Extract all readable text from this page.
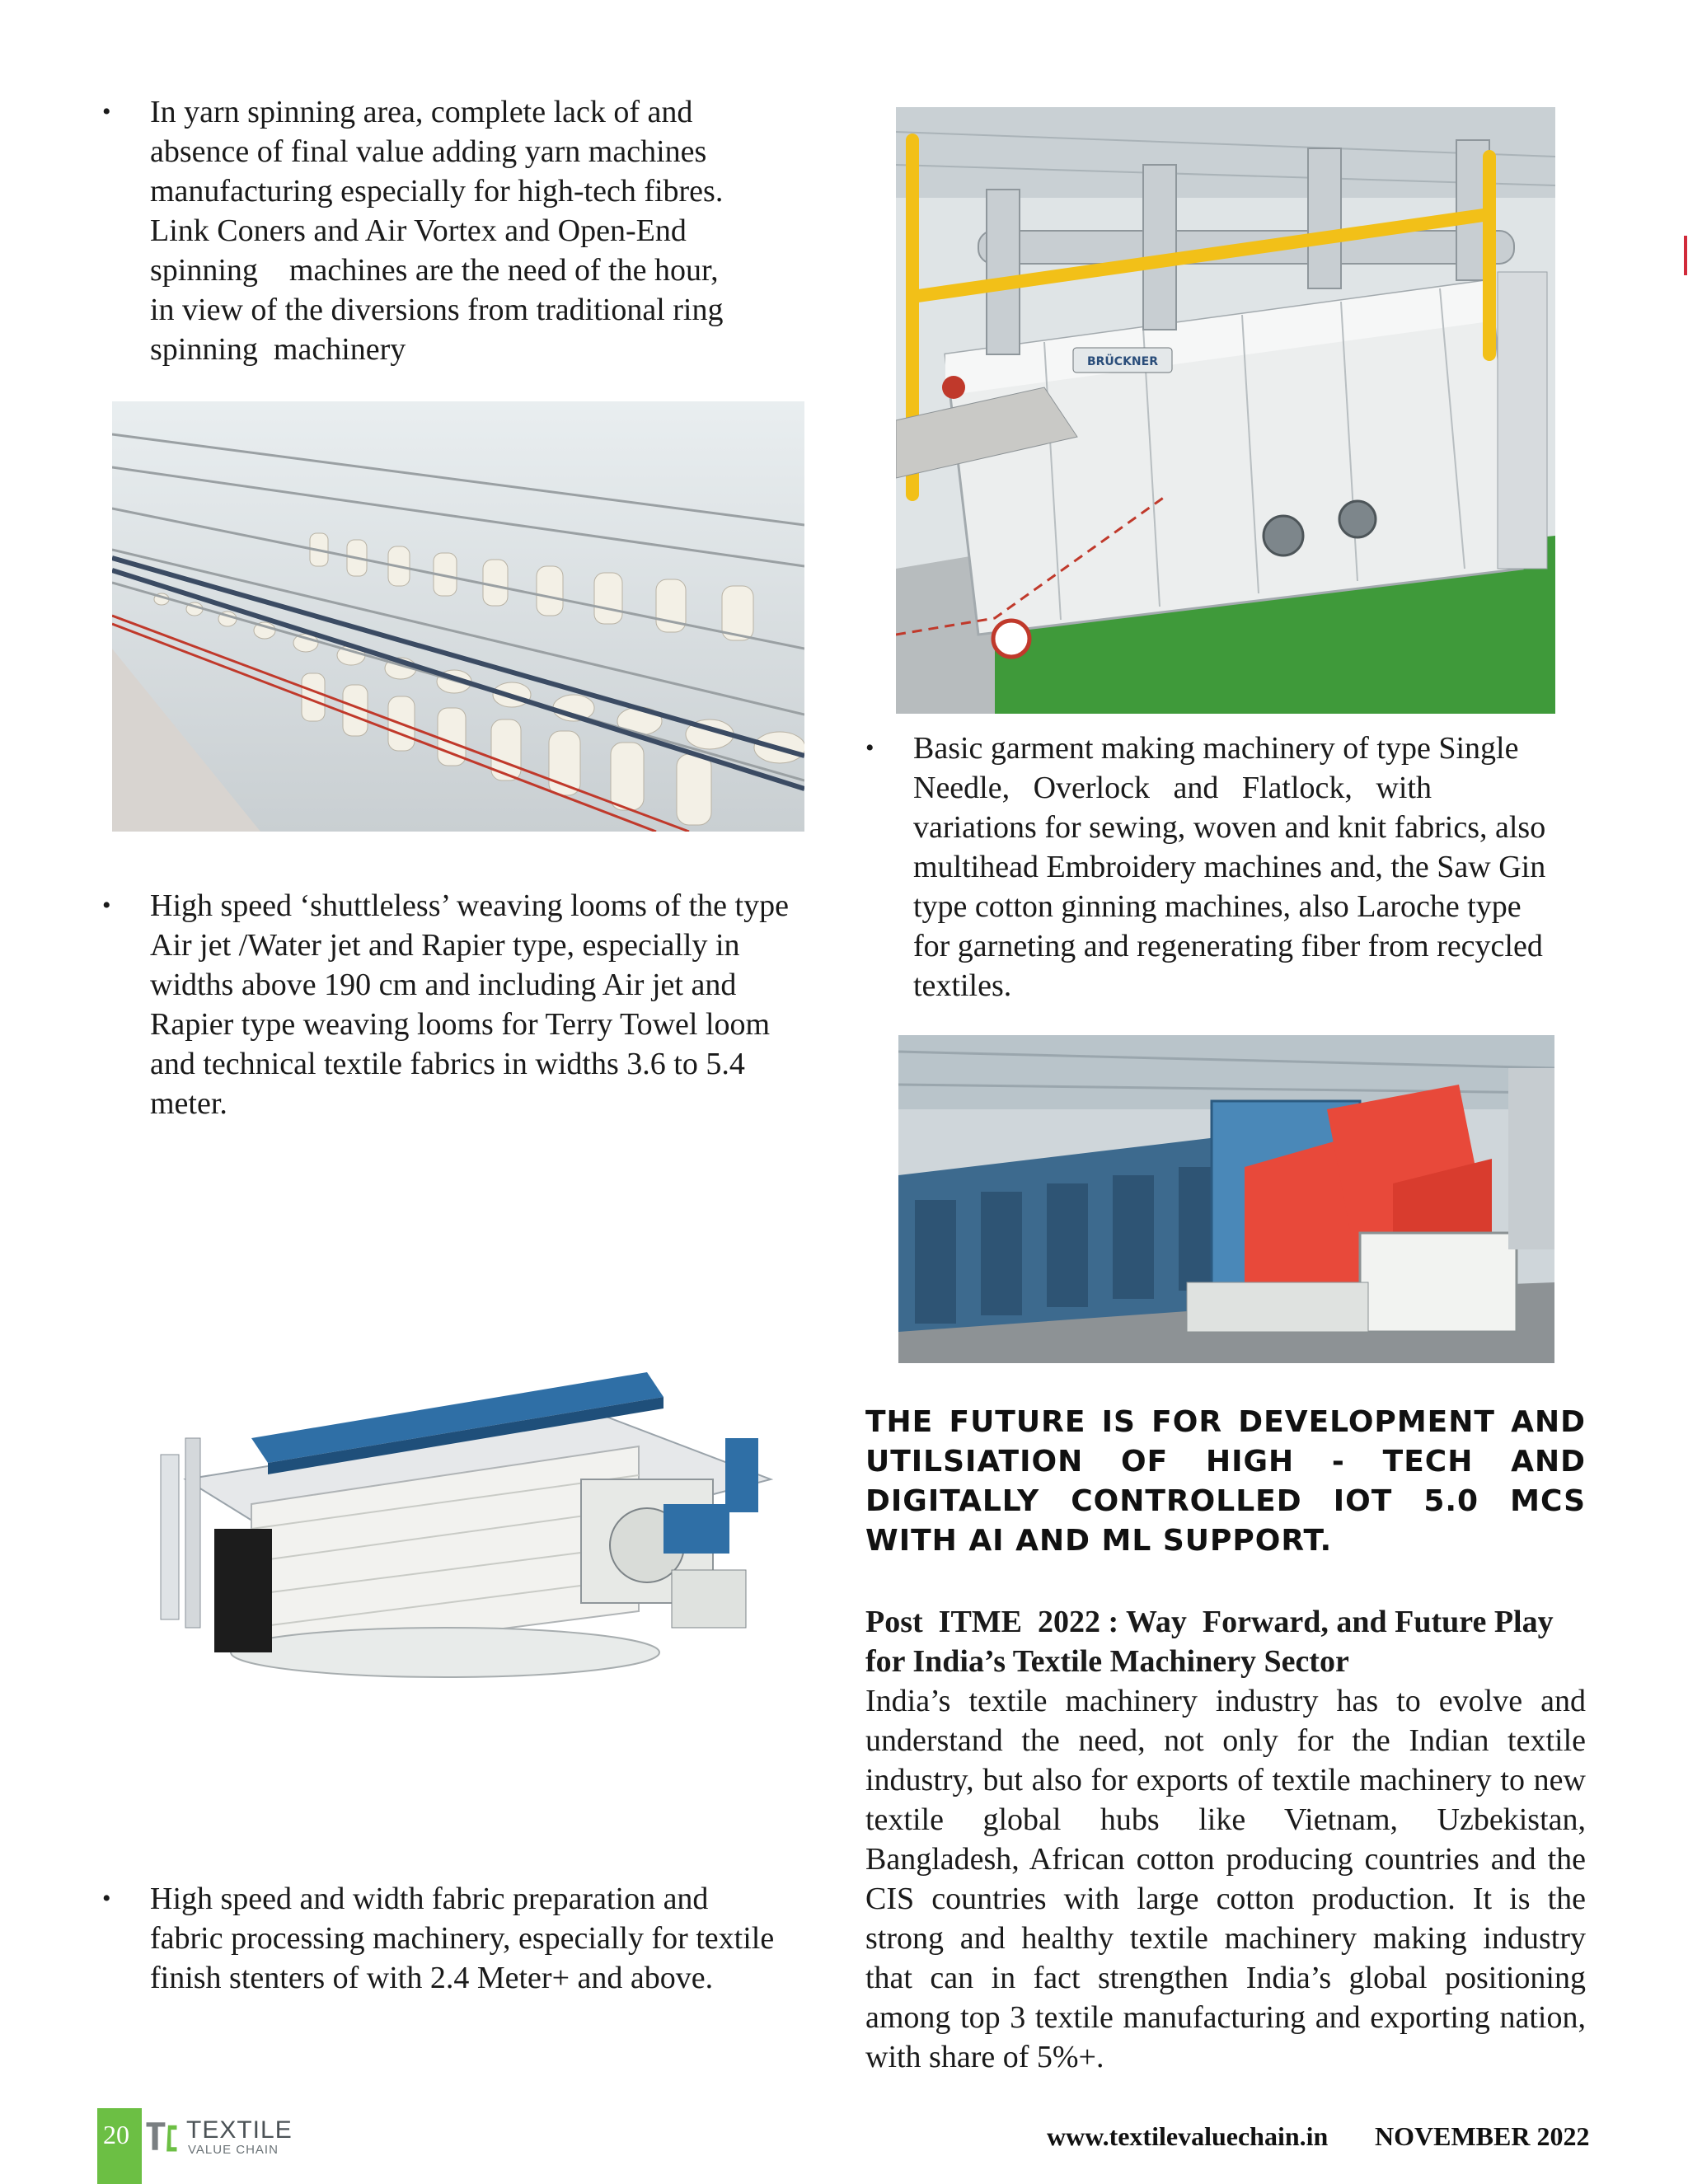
• In yarn spinning area, complete lack of and

absence of final value adding yarn machines

manufacturing especially for high-tech fibres.

Link Coners and Air Vortex and Open-End

spinning    machines are the need of the hour,

in view of the diversions from traditional ring

spinning  machinery

• High speed ‘shuttleless’ weaving looms of the type

Air jet /Water jet and Rapier type, especially in

widths above 190 cm and including Air jet and

Rapier type weaving looms for Terry Towel loom

and technical textile fabrics in widths 3.6 to 5.4

meter.

• High speed and width fabric preparation and

fabric processing machinery, especially for textile

finish stenters of with 2.4 Meter+ and above.

BRÜCKNER
• Basic garment making machinery of type Single

Needle,   Overlock   and   Flatlock,   with

variations for sewing, woven and knit fabrics, also

multihead Embroidery machines and, the Saw Gin

type cotton ginning machines, also Laroche type

for garneting and regenerating fiber from recycled

textiles.

THE FUTURE IS FOR DEVELOPMENT AND
UTILSIATION OF HIGH - TECH AND
DIGITALLY CONTROLLED IOT 5.0 MCS
WITH AI AND ML SUPPORT.
Post  ITME  2022 : Way  Forward, and Future Play
for India’s Textile Machinery Sector
India’s textile machinery industry has to evolve and understand the need, not only for the Indian textile industry, but also for exports of textile machinery to new textile global hubs like Vietnam, Uzbekistan, Bangladesh, African cotton producing countries and the CIS countries with large cotton production. It is the strong and healthy textile machinery making industry that can in fact strengthen India’s global positioning among top 3 textile manufacturing and exporting nation, with share of 5%+.
20 TEXTILE
VALUE CHAIN	www.textilevaluechain.in NOVEMBER 2022
